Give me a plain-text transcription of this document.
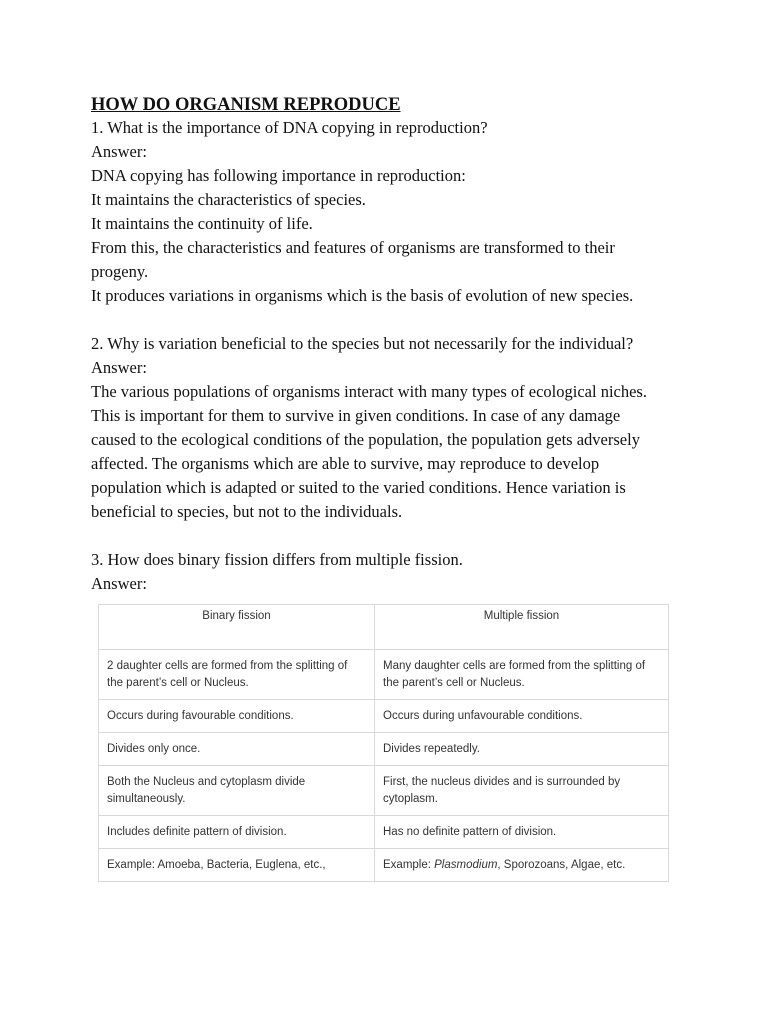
HOW DO ORGANISM REPRODUCE

1. What is the importance of DNA copying in reproduction?

Answer:

DNA copying has following importance in reproduction:

It maintains the characteristics of species.

It maintains the continuity of life.

From this, the characteristics and features of organisms are transformed to their progeny.

It produces variations in organisms which is the basis of evolution of new species.

2. Why is variation beneficial to the species but not necessarily for the individual?

Answer:

The various populations of organisms interact with many types of ecological niches. This is important for them to survive in given conditions. In case of any damage caused to the ecological conditions of the population, the population gets adversely affected. The organisms which are able to survive, may reproduce to develop population which is adapted or suited to the varied conditions. Hence variation is beneficial to species, but not to the individuals.

3. How does binary fission differs from multiple fission.

Answer:

Binary fission	Multiple fission
2 daughter cells are formed from the splitting of the parent’s cell or Nucleus.	Many daughter cells are formed from the splitting of the parent’s cell or Nucleus.
Occurs during favourable conditions.	Occurs during unfavourable conditions.
Divides only once.	Divides repeatedly.
Both the Nucleus and cytoplasm divide simultaneously.	First, the nucleus divides and is surrounded by cytoplasm.
Includes definite pattern of division.	Has no definite pattern of division.
Example: Amoeba, Bacteria, Euglena, etc.,	Example: Plasmodium, Sporozoans, Algae, etc.
